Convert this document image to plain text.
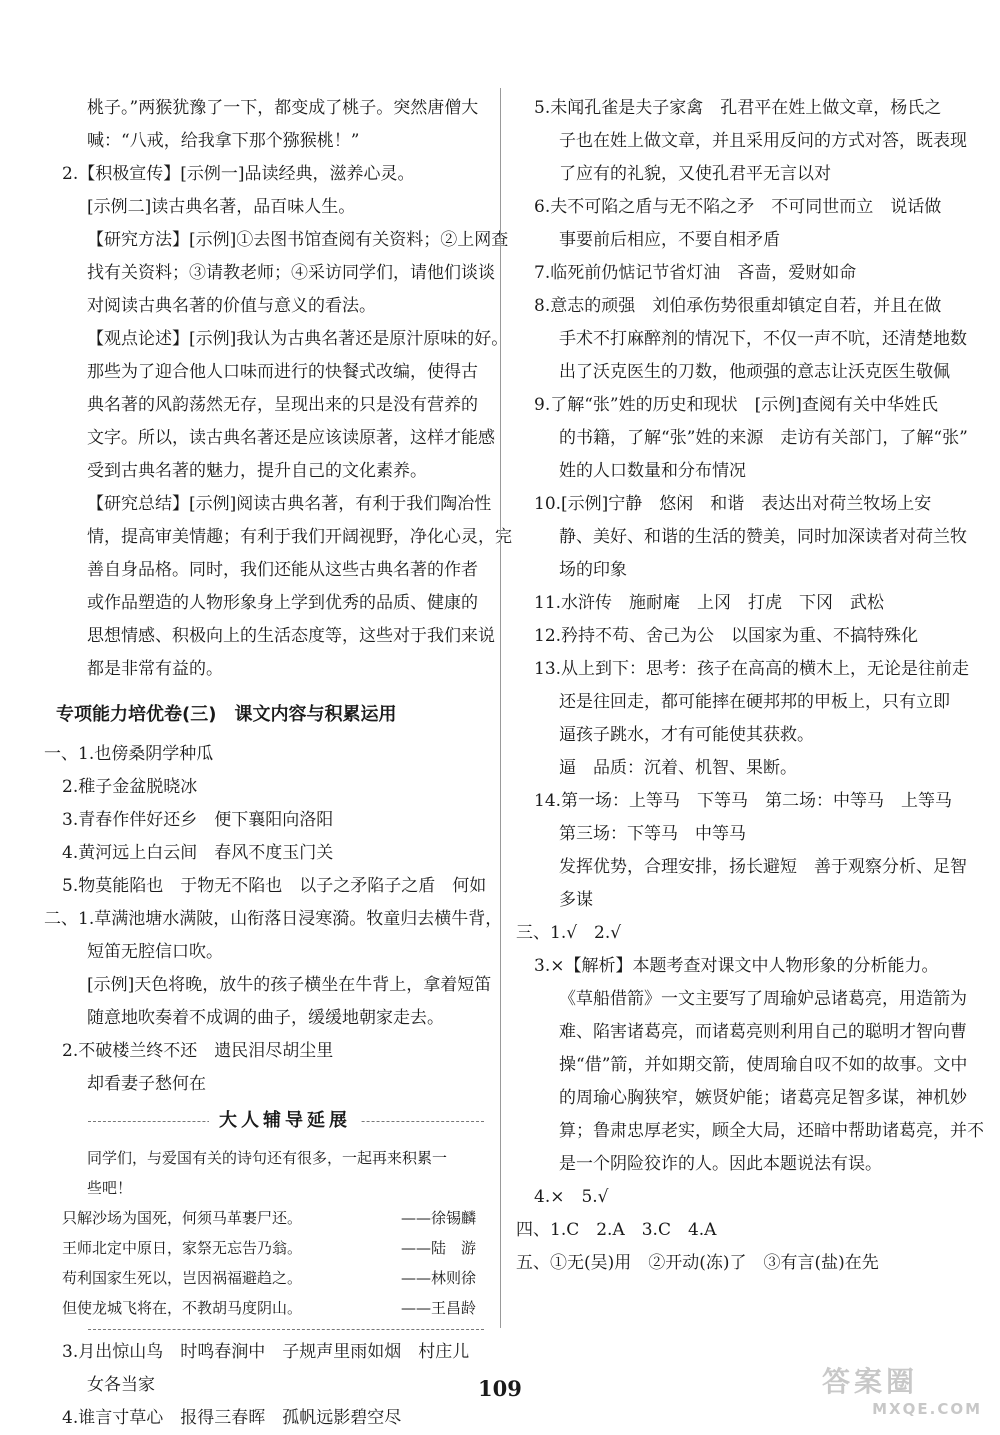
桃子。”两猴犹豫了一下，都变成了桃子。突然唐僧大
喊：“八戒，给我拿下那个猕猴桃！”
2.【积极宣传】[示例一]品读经典，滋养心灵。
[示例二]读古典名著，品百味人生。
【研究方法】[示例]①去图书馆查阅有关资料；②上网查
找有关资料；③请教老师；④采访同学们，请他们谈谈
对阅读古典名著的价值与意义的看法。
【观点论述】[示例]我认为古典名著还是原汁原味的好。
那些为了迎合他人口味而进行的快餐式改编，使得古
典名著的风韵荡然无存，呈现出来的只是没有营养的
文字。所以，读古典名著还是应该读原著，这样才能感
受到古典名著的魅力，提升自己的文化素养。
【研究总结】[示例]阅读古典名著，有利于我们陶冶性
情，提高审美情趣；有利于我们开阔视野，净化心灵，完
善自身品格。同时，我们还能从这些古典名著的作者
或作品塑造的人物形象身上学到优秀的品质、健康的
思想情感、积极向上的生活态度等，这些对于我们来说
都是非常有益的。
专项能力培优卷(三)　课文内容与积累运用
一、1.也傍桑阴学种瓜
2.稚子金盆脱晓冰
3.青春作伴好还乡　便下襄阳向洛阳
4.黄河远上白云间　春风不度玉门关
5.物莫能陷也　于物无不陷也　以子之矛陷子之盾　何如
二、1.草满池塘水满陂，山衔落日浸寒漪。牧童归去横牛背，
短笛无腔信口吹。
[示例]天色将晚，放牛的孩子横坐在牛背上，拿着短笛
随意地吹奏着不成调的曲子，缓缓地朝家走去。
2.不破楼兰终不还　遗民泪尽胡尘里
却看妻子愁何在
大人辅导延展
同学们，与爱国有关的诗句还有很多，一起再来积累一
些吧！
只解沙场为国死，何须马革裹尸还。	——徐锡麟
王师北定中原日，家祭无忘告乃翁。	——陆　游
苟利国家生死以，岂因祸福避趋之。	——林则徐
但使龙城飞将在，不教胡马度阴山。	——王昌龄
3.月出惊山鸟　时鸣春涧中　子规声里雨如烟　村庄儿
女各当家
4.谁言寸草心　报得三春晖　孤帆远影碧空尽
5.未闻孔雀是夫子家禽　孔君平在姓上做文章，杨氏之
子也在姓上做文章，并且采用反问的方式对答，既表现
了应有的礼貌，又使孔君平无言以对
6.夫不可陷之盾与无不陷之矛　不可同世而立　说话做
事要前后相应，不要自相矛盾
7.临死前仍惦记节省灯油　吝啬，爱财如命
8.意志的顽强　刘伯承伤势很重却镇定自若，并且在做
手术不打麻醉剂的情况下，不仅一声不吭，还清楚地数
出了沃克医生的刀数，他顽强的意志让沃克医生敬佩
9.了解“张”姓的历史和现状　[示例]查阅有关中华姓氏
的书籍，了解“张”姓的来源　走访有关部门，了解“张”
姓的人口数量和分布情况
10.[示例]宁静　悠闲　和谐　表达出对荷兰牧场上安
静、美好、和谐的生活的赞美，同时加深读者对荷兰牧
场的印象
11.水浒传　施耐庵　上冈　打虎　下冈　武松
12.矜持不苟、舍己为公　以国家为重、不搞特殊化
13.从上到下：思考：孩子在高高的横木上，无论是往前走
还是往回走，都可能摔在硬邦邦的甲板上，只有立即
逼孩子跳水，才有可能使其获救。
逼　品质：沉着、机智、果断。
14.第一场：上等马　下等马　第二场：中等马　上等马
第三场：下等马　中等马
发挥优势，合理安排，扬长避短　善于观察分析、足智
多谋
三、1.√　2.√
3.×【解析】本题考查对课文中人物形象的分析能力。
《草船借箭》一文主要写了周瑜妒忌诸葛亮，用造箭为
难、陷害诸葛亮，而诸葛亮则利用自己的聪明才智向曹
操“借”箭，并如期交箭，使周瑜自叹不如的故事。文中
的周瑜心胸狭窄，嫉贤妒能；诸葛亮足智多谋，神机妙
算；鲁肃忠厚老实，顾全大局，还暗中帮助诸葛亮，并不
是一个阴险狡诈的人。因此本题说法有误。
4.×　5.√
四、1.C　2.A　3.C　4.A
五、①无(吴)用　②开动(冻)了　③有言(盐)在先
109	答案圈
MXQE.COM
